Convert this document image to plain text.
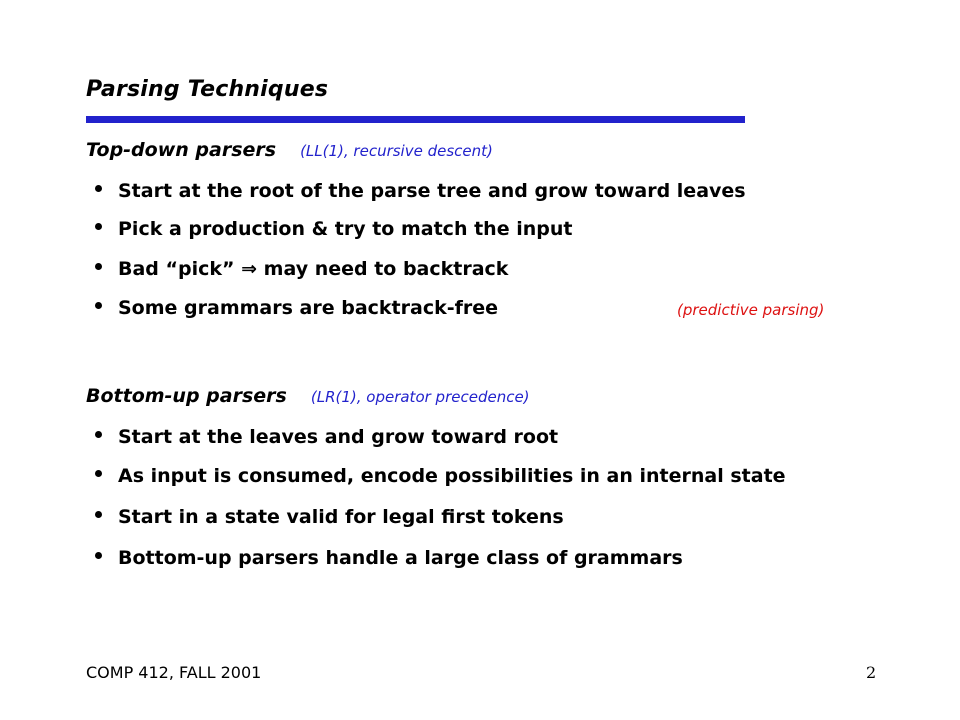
Parsing Techniques
Top-down parsers (LL(1), recursive descent)
Start at the root of the parse tree and grow toward leaves
Pick a production & try to match the input
Bad “pick” ⇒ may need to backtrack
Some grammars are backtrack-free	(predictive parsing)
Bottom-up parsers (LR(1), operator precedence)
Start at the leaves and grow toward root
As input is consumed, encode possibilities in an internal state
Start in a state valid for legal first tokens
Bottom-up parsers handle a large class of grammars
COMP 412, FALL 2001	2
